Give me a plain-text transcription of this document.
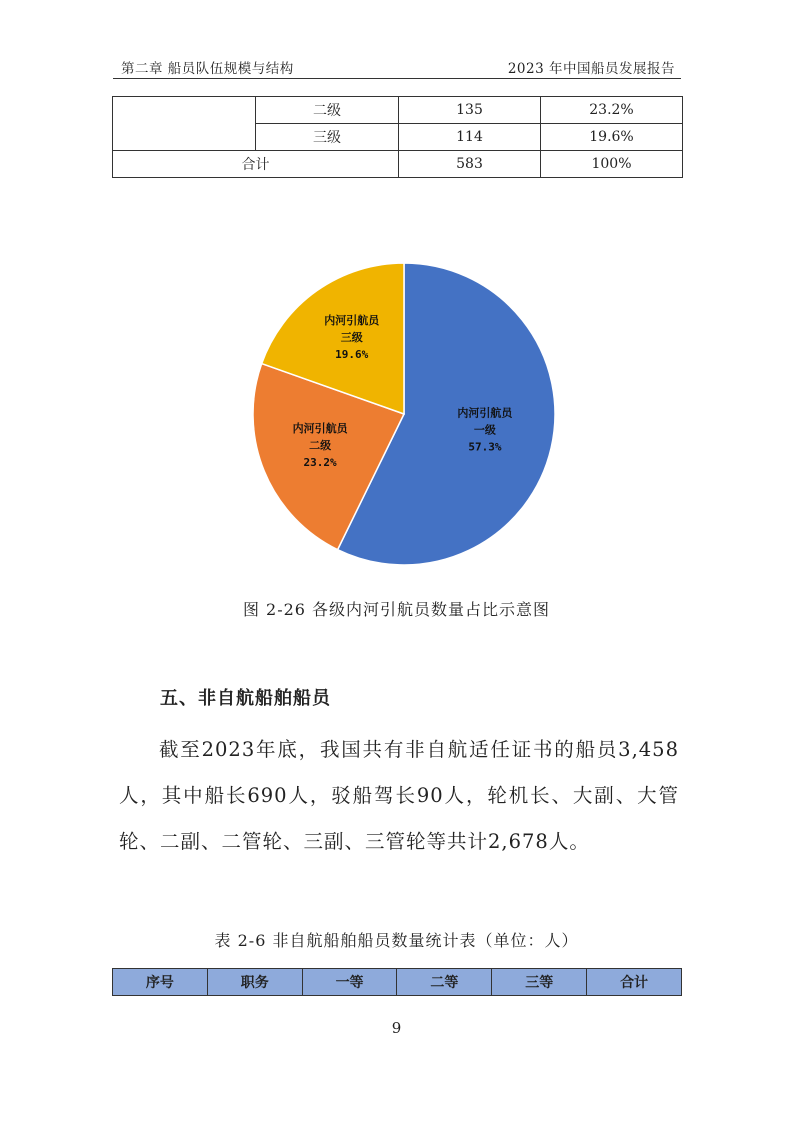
第二章 船员队伍规模与结构	2023 年中国船员发展报告
	二级	135	23.2%
	三级	114	19.6%
合计		583	100%
内河引航员一级 57.3%
内河引航员二级 23.2%
内河引航员三级 19.6%
图 2-26 各级内河引航员数量占比示意图
五、非自航船舶船员
截至2023年底，我国共有非自航适任证书的船员3,458人，其中船长690人，驳船驾长90人，轮机长、大副、大管轮、二副、二管轮、三副、三管轮等共计2,678人。
表 2-6 非自航船舶船员数量统计表（单位：人）
序号	职务	一等	二等	三等	合计
9
